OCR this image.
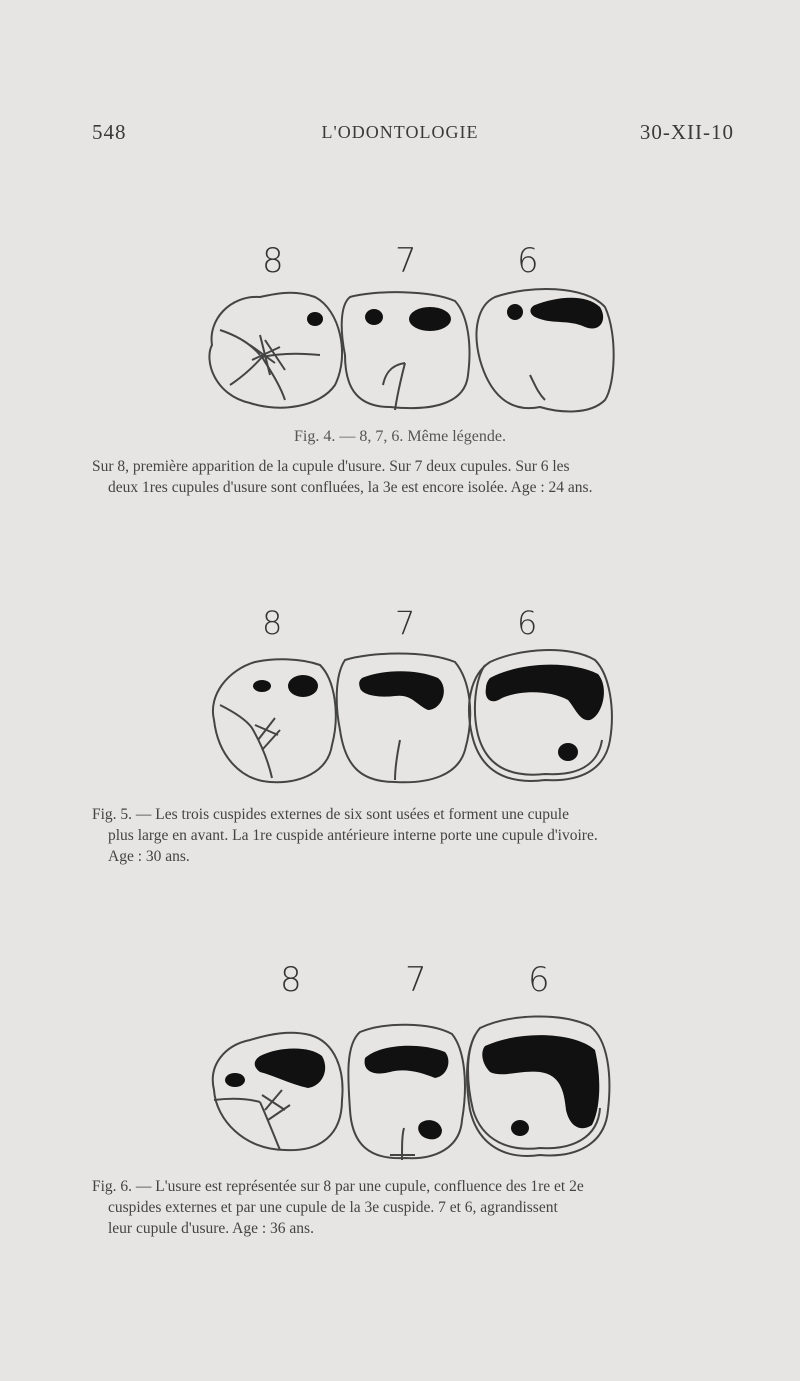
548	L'ODONTOLOGIE	30-XII-10
8	7	6
Fig. 4. — 8, 7, 6. Même légende.
Sur 8, première apparition de la cupule d'usure. Sur 7 deux cupules. Sur 6 les
deux 1res cupules d'usure sont confluées, la 3e est encore isolée. Age : 24 ans.
8	7	6
Fig. 5. — Les trois cuspides externes de six sont usées et forment une cupule
plus large en avant. La 1re cuspide antérieure interne porte une cupule d'ivoire.
Age : 30 ans.
8	7	6
Fig. 6. — L'usure est représentée sur 8 par une cupule, confluence des 1re et 2e
cuspides externes et par une cupule de la 3e cuspide. 7 et 6, agrandissent
leur cupule d'usure. Age : 36 ans.
